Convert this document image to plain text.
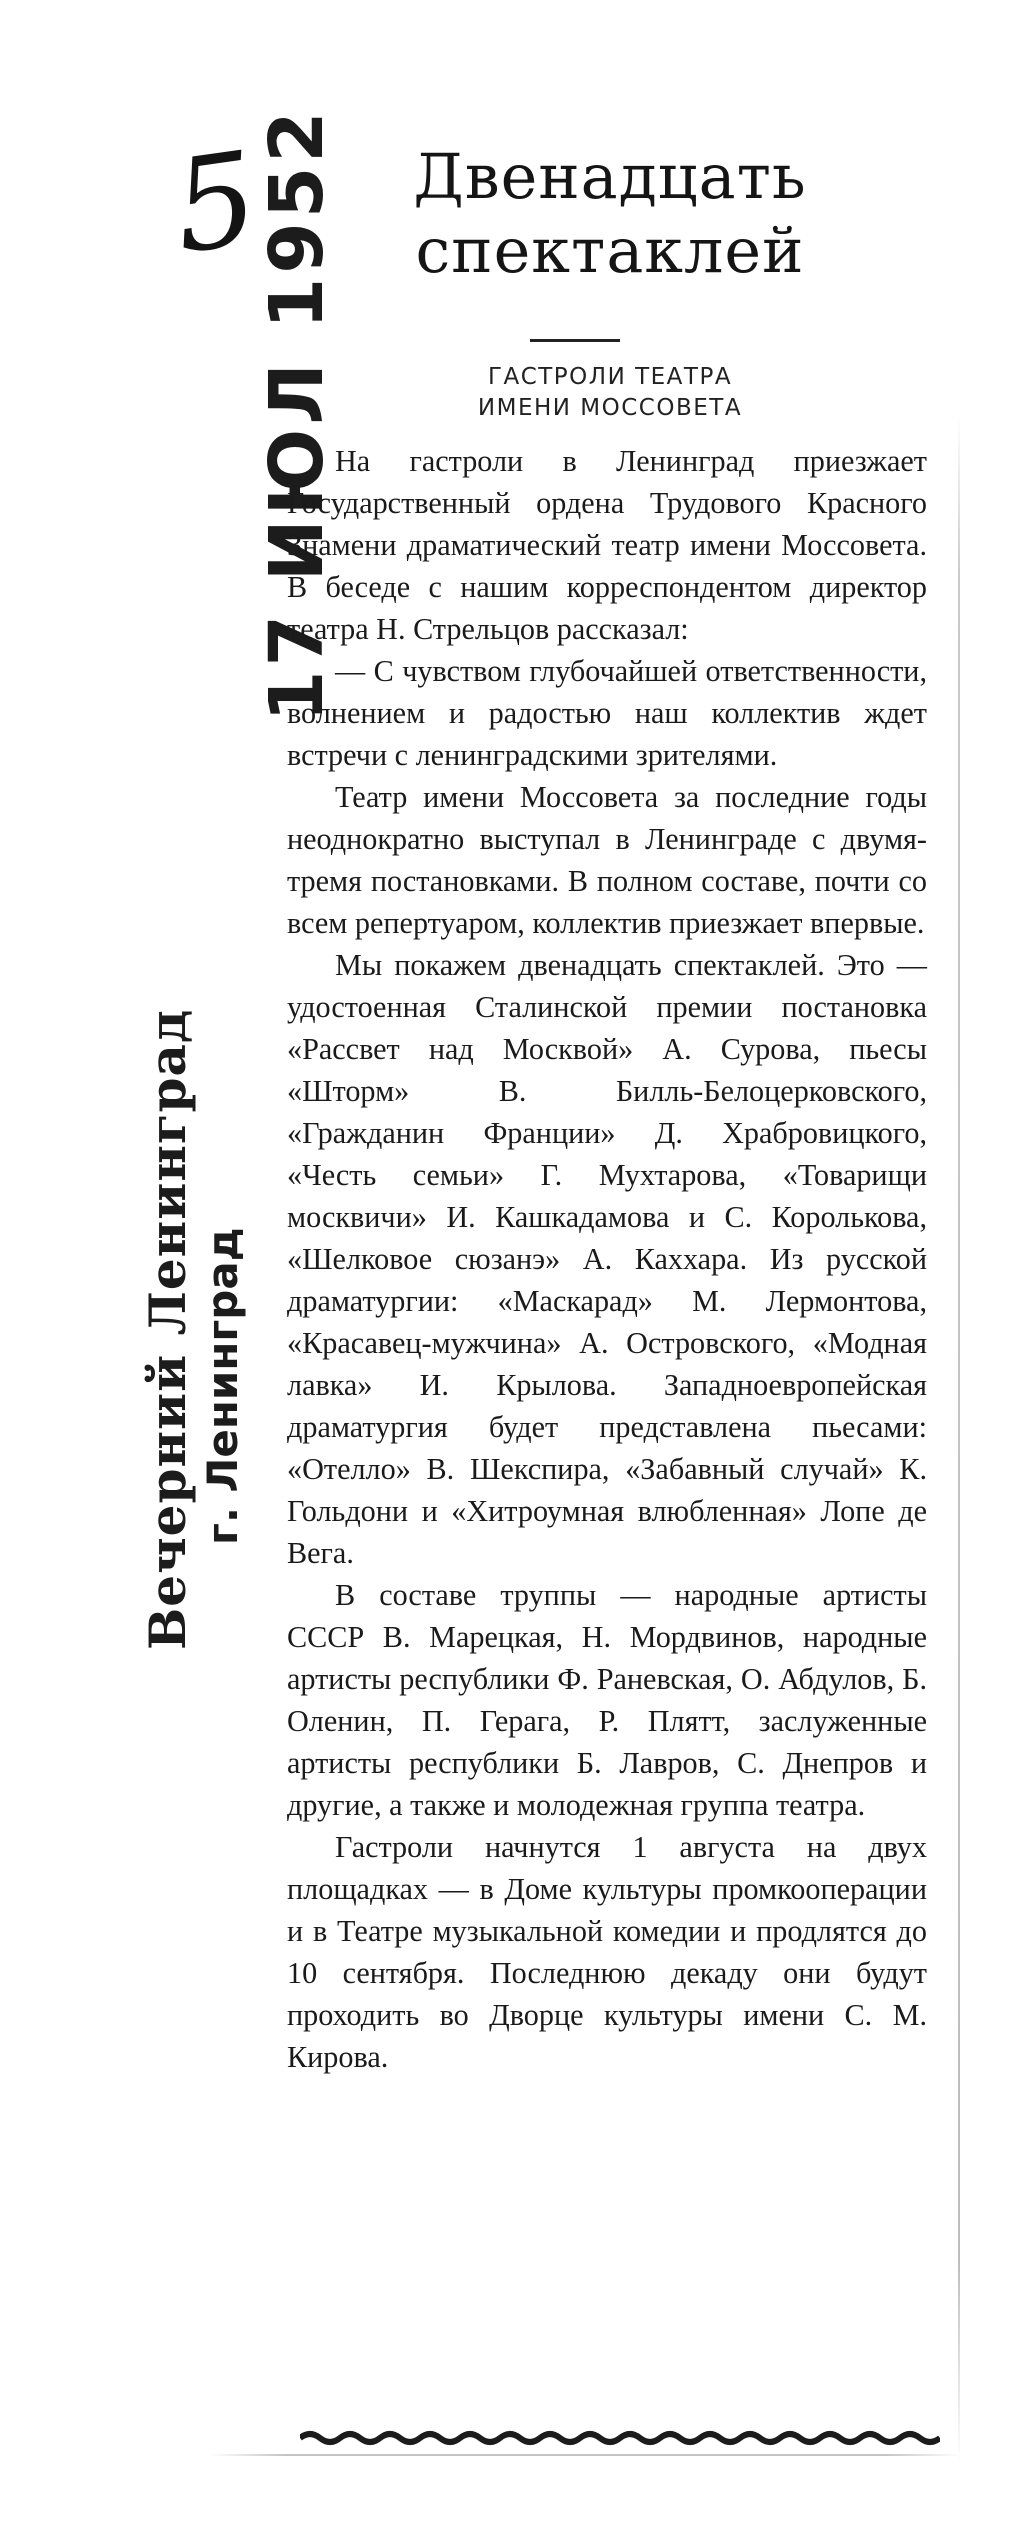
5	Двенадцать
спектаклей
ГАСТРОЛИ ТЕАТРА
ИМЕНИ МОССОВЕТА
17 ИЮЛ 1952
Вечерний Ленинград г. Ленинград

На гастроли в Ленинград приезжает Государственный ордена Трудового Красного Знамени драматический театр имени Моссовета. В беседе с нашим корреспондентом директор театра Н. Стрельцов рассказал:

— С чувством глубочайшей ответственности, волнением и радостью наш коллектив ждет встречи с ленинградскими зрителями.

Театр имени Моссовета за последние годы неоднократно выступал в Ленинграде с двумя-тремя постановками. В полном составе, почти со всем репертуаром, коллектив приезжает впервые.

Мы покажем двенадцать спектаклей. Это — удостоенная Сталинской премии постановка «Рассвет над Москвой» А. Сурова, пьесы «Шторм» В. Билль-Белоцерковского, «Гражданин Франции» Д. Храбровицкого, «Честь семьи» Г. Мухтарова, «Товарищи москвичи» И. Кашкадамова и С. Королькова, «Шелковое сюзанэ» А. Каххара. Из русской драматургии: «Маскарад» М. Лермонтова, «Красавец-мужчина» А. Островского, «Модная лавка» И. Крылова. Западноевропейская драматургия будет представлена пьесами: «Отелло» В. Шекспира, «Забавный случай» К. Гольдони и «Хитроумная влюбленная» Лопе де Вега.

В составе труппы — народные артисты СССР В. Марецкая, Н. Мордвинов, народные артисты республики Ф. Раневская, О. Абдулов, Б. Оленин, П. Герага, Р. Плятт, заслуженные артисты республики Б. Лавров, С. Днепров и другие, а также и молодежная группа театра.

Гастроли начнутся 1 августа на двух площадках — в Доме культуры промкооперации и в Театре музыкальной комедии и продлятся до 10 сентября. Последнюю декаду они будут проходить во Дворце культуры имени С. М. Кирова.
